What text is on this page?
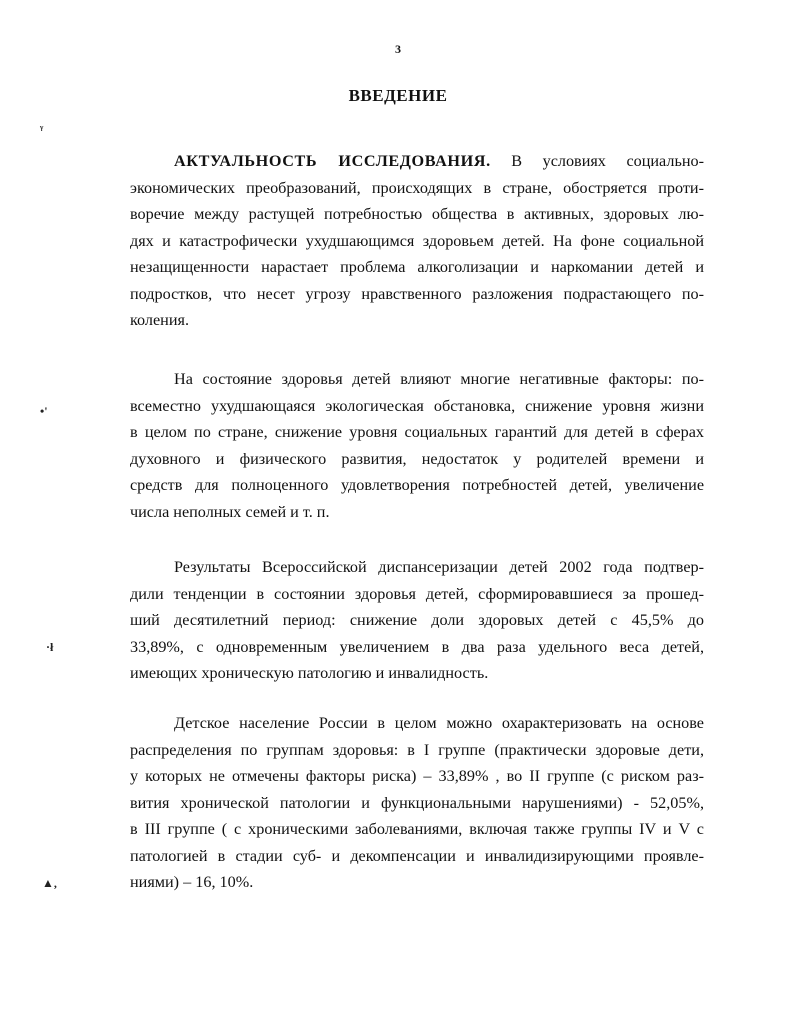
3
ВВЕДЕНИЕ
ᵞ
•'
·ł
▲,
АКТУАЛЬНОСТЬ ИССЛЕДОВАНИЯ. В условиях социально-
экономических преобразований, происходящих в стране, обостряется проти-
воречие между растущей потребностью общества в активных, здоровых лю-
дях и катастрофически ухудшающимся здоровьем детей. На фоне социальной
незащищенности нарастает проблема алкоголизации и наркомании детей и
подростков, что несет угрозу нравственного разложения подрастающего по-
коления.
На состояние здоровья детей влияют многие негативные факторы: по-
всеместно ухудшающаяся экологическая обстановка, снижение уровня жизни
в целом по стране, снижение уровня социальных гарантий для детей в сферах
духовного и физического развития, недостаток у родителей времени и
средств для полноценного удовлетворения потребностей детей, увеличение
числа неполных семей и т. п.
Результаты Всероссийской диспансеризации детей 2002 года подтвер-
дили тенденции в состоянии здоровья детей, сформировавшиеся за прошед-
ший десятилетний период: снижение доли здоровых детей с 45,5% до
33,89%, с одновременным увеличением в два раза удельного веса детей,
имеющих хроническую патологию и инвалидность.
Детское население России в целом можно охарактеризовать на основе
распределения по группам здоровья: в I группе (практически здоровые дети,
у которых не отмечены факторы риска) – 33,89% , во II группе (с риском раз-
вития хронической патологии и функциональными нарушениями) - 52,05%,
в III группе ( с хроническими заболеваниями, включая также группы IV и V с
патологией в стадии суб- и декомпенсации и инвалидизирующими проявле-
ниями) – 16, 10%.
